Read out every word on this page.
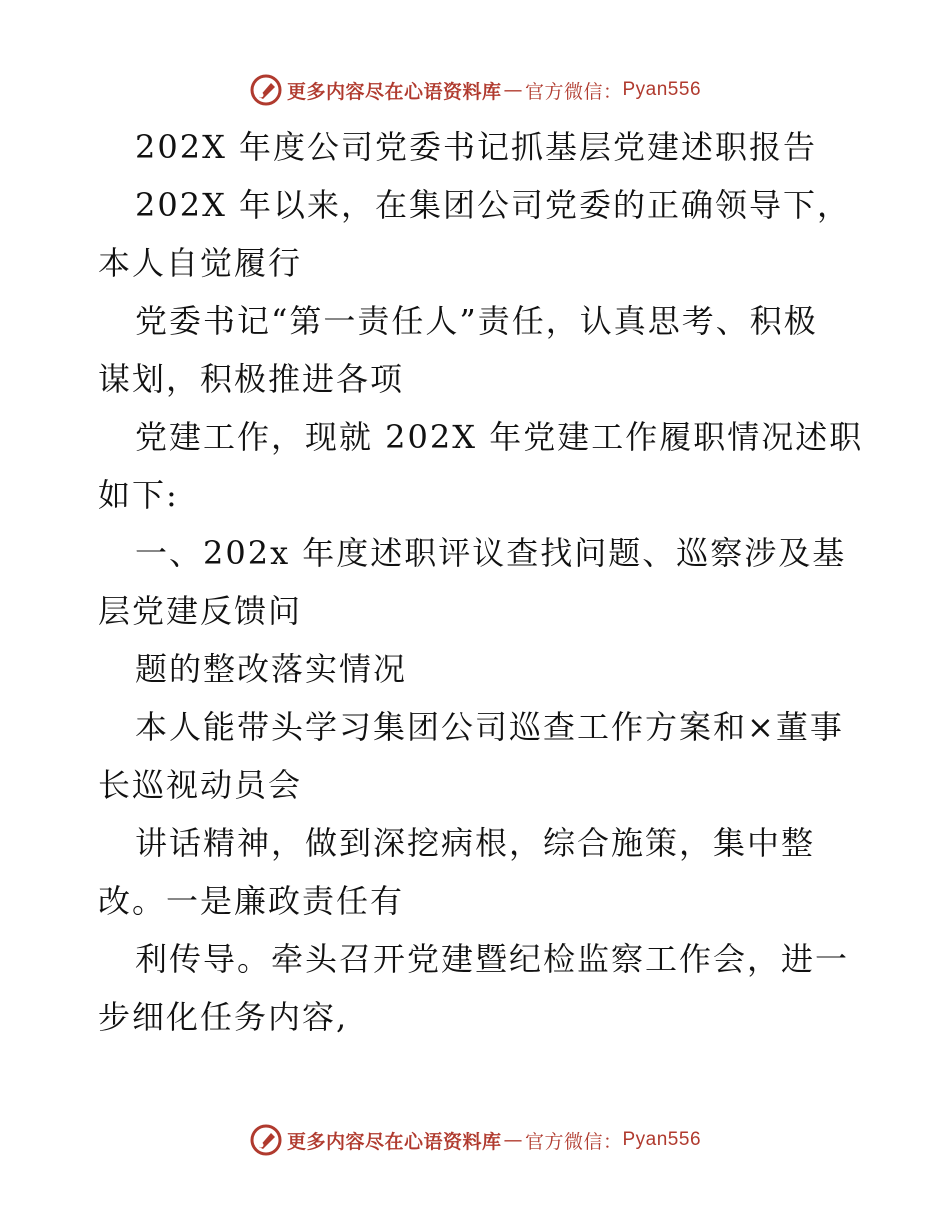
更多内容尽在心语资料库 — 官方微信： Pyan556
202X 年度公司党委书记抓基层党建述职报告
202X 年以来，在集团公司党委的正确领导下，
本人自觉履行
党委书记“第一责任人”责任，认真思考、积极
谋划，积极推进各项
党建工作，现就 202X 年党建工作履职情况述职
如下:
一、202x 年度述职评议查找问题、巡察涉及基
层党建反馈问
题的整改落实情况
本人能带头学习集团公司巡查工作方案和×董事
长巡视动员会
讲话精神，做到深挖病根，综合施策，集中整
改。一是廉政责任有
利传导。牵头召开党建暨纪检监察工作会，进一
步细化任务内容,
更多内容尽在心语资料库 — 官方微信： Pyan556
